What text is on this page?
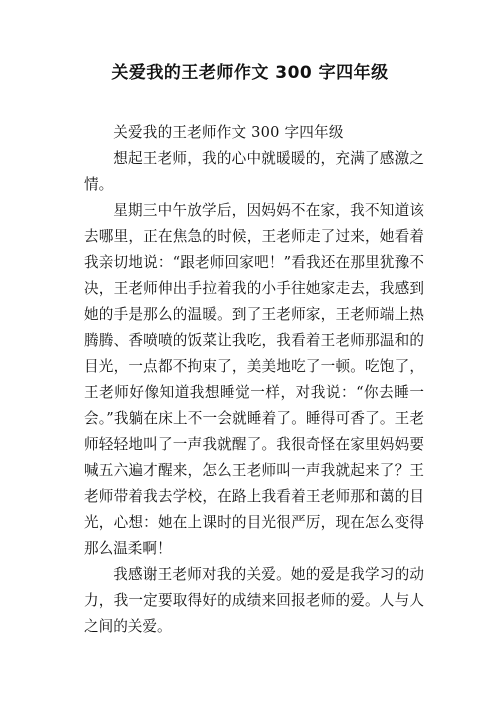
关爱我的王老师作文 300 字四年级

关爱我的王老师作文 300 字四年级

想起王老师，我的心中就暖暖的，充满了感激之情。

星期三中午放学后，因妈妈不在家，我不知道该去哪里，正在焦急的时候，王老师走了过来，她看着我亲切地说：“跟老师回家吧！”看我还在那里犹豫不决，王老师伸出手拉着我的小手往她家走去，我感到她的手是那么的温暖。到了王老师家，王老师端上热腾腾、香喷喷的饭菜让我吃，我看着王老师那温和的目光，一点都不拘束了，美美地吃了一顿。吃饱了，王老师好像知道我想睡觉一样，对我说：“你去睡一会。”我躺在床上不一会就睡着了。睡得可香了。王老师轻轻地叫了一声我就醒了。我很奇怪在家里妈妈要喊五六遍才醒来，怎么王老师叫一声我就起来了？王老师带着我去学校，在路上我看着王老师那和蔼的目光，心想：她在上课时的目光很严厉，现在怎么变得那么温柔啊！

我感谢王老师对我的关爱。她的爱是我学习的动力，我一定要取得好的成绩来回报老师的爱。人与人之间的关爱。
